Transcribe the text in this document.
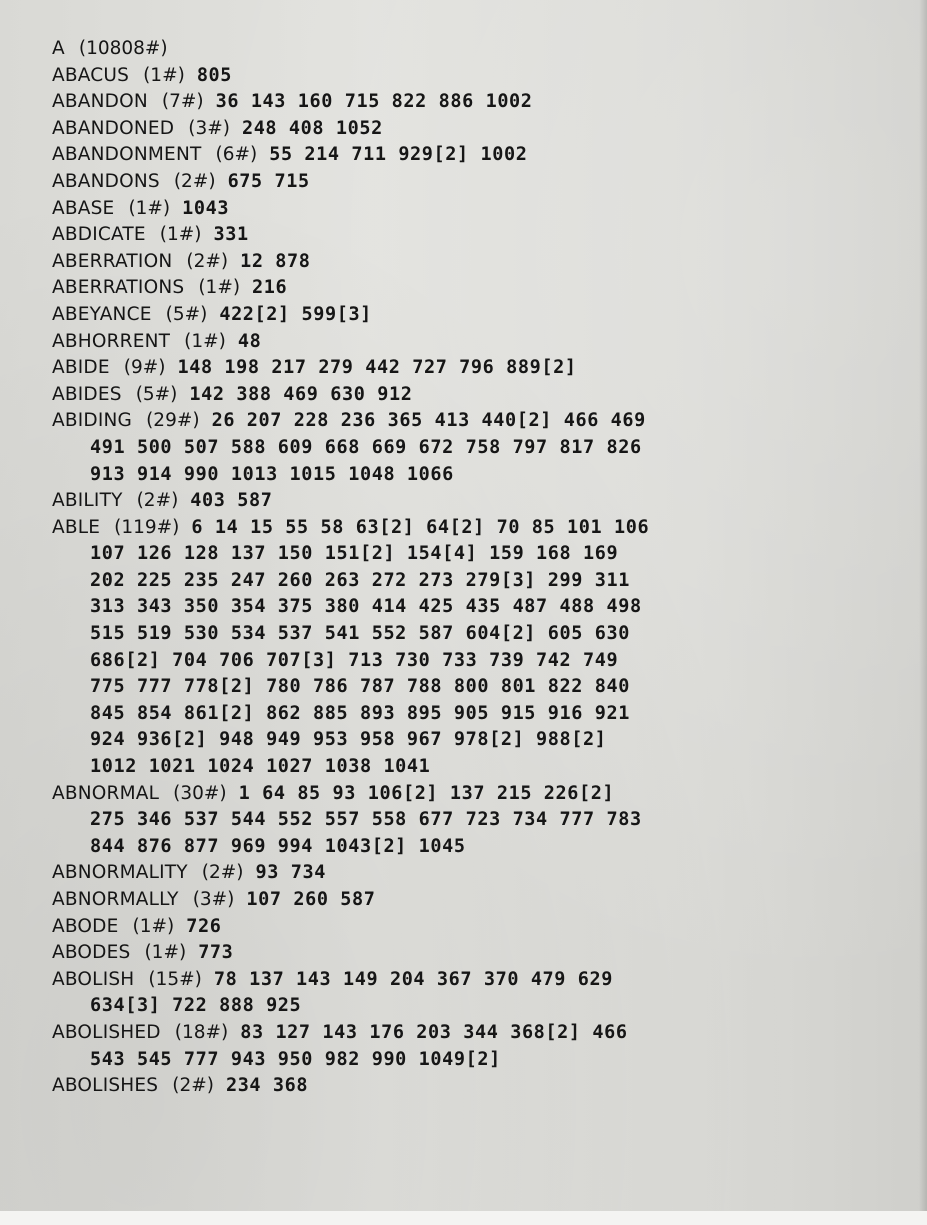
A (10808#)
ABACUS (1#) 805
ABANDON (7#) 36 143 160 715 822 886 1002
ABANDONED (3#) 248 408 1052
ABANDONMENT (6#) 55 214 711 929[2] 1002
ABANDONS (2#) 675 715
ABASE (1#) 1043
ABDICATE (1#) 331
ABERRATION (2#) 12 878
ABERRATIONS (1#) 216
ABEYANCE (5#) 422[2] 599[3]
ABHORRENT (1#) 48
ABIDE (9#) 148 198 217 279 442 727 796 889[2]
ABIDES (5#) 142 388 469 630 912
ABIDING (29#) 26 207 228 236 365 413 440[2] 466 469
491 500 507 588 609 668 669 672 758 797 817 826
913 914 990 1013 1015 1048 1066
ABILITY (2#) 403 587
ABLE (119#) 6 14 15 55 58 63[2] 64[2] 70 85 101 106
107 126 128 137 150 151[2] 154[4] 159 168 169
202 225 235 247 260 263 272 273 279[3] 299 311
313 343 350 354 375 380 414 425 435 487 488 498
515 519 530 534 537 541 552 587 604[2] 605 630
686[2] 704 706 707[3] 713 730 733 739 742 749
775 777 778[2] 780 786 787 788 800 801 822 840
845 854 861[2] 862 885 893 895 905 915 916 921
924 936[2] 948 949 953 958 967 978[2] 988[2]
1012 1021 1024 1027 1038 1041
ABNORMAL (30#) 1 64 85 93 106[2] 137 215 226[2]
275 346 537 544 552 557 558 677 723 734 777 783
844 876 877 969 994 1043[2] 1045
ABNORMALITY (2#) 93 734
ABNORMALLY (3#) 107 260 587
ABODE (1#) 726
ABODES (1#) 773
ABOLISH (15#) 78 137 143 149 204 367 370 479 629
634[3] 722 888 925
ABOLISHED (18#) 83 127 143 176 203 344 368[2] 466
543 545 777 943 950 982 990 1049[2]
ABOLISHES (2#) 234 368
